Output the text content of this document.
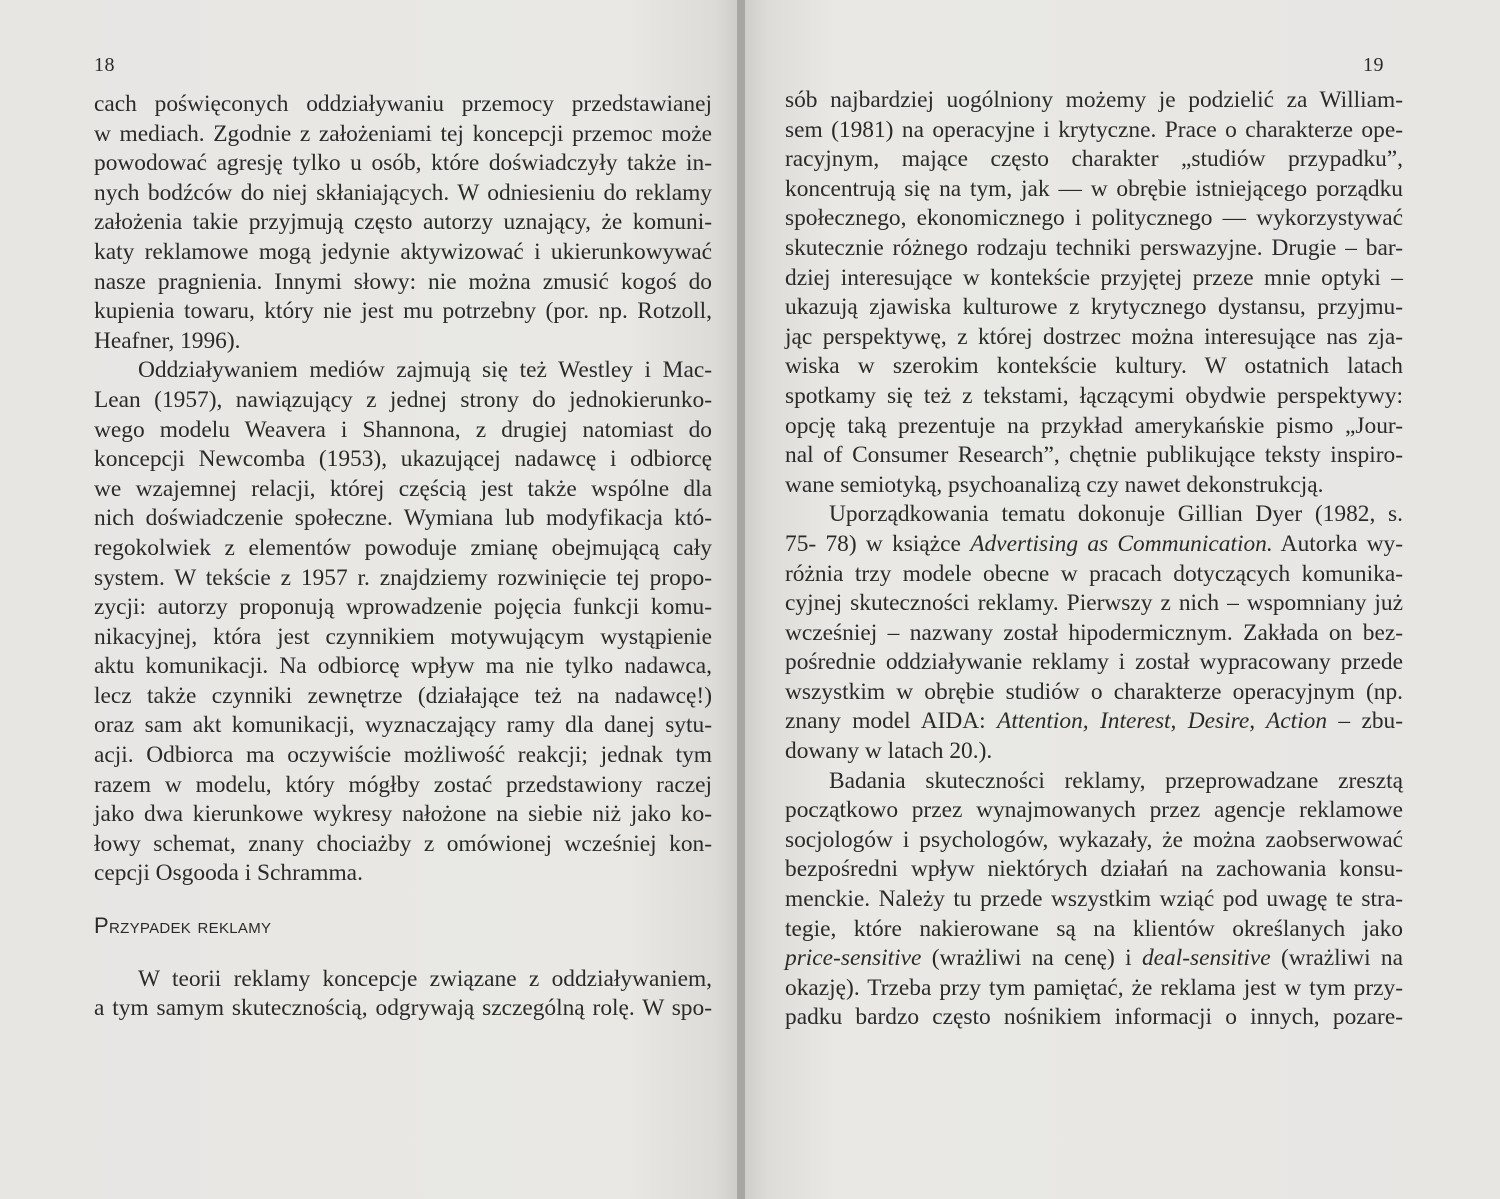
18
cach poświęconych oddziaływaniu przemocy przedstawianej
w mediach. Zgodnie z założeniami tej koncepcji przemoc może
powodować agresję tylko u osób, które doświadczyły także in-
nych bodźców do niej skłaniających. W odniesieniu do reklamy
założenia takie przyjmują często autorzy uznający, że komuni-
katy reklamowe mogą jedynie aktywizować i ukierunkowywać
nasze pragnienia. Innymi słowy: nie można zmusić kogoś do
kupienia towaru, który nie jest mu potrzebny (por. np. Rotzoll,
Heafner, 1996).
Oddziaływaniem mediów zajmują się też Westley i Mac-
Lean (1957), nawiązujący z jednej strony do jednokierunko-
wego modelu Weavera i Shannona, z drugiej natomiast do
koncepcji Newcomba (1953), ukazującej nadawcę i odbiorcę
we wzajemnej relacji, której częścią jest także wspólne dla
nich doświadczenie społeczne. Wymiana lub modyfikacja któ-
regokolwiek z elementów powoduje zmianę obejmującą cały
system. W tekście z 1957 r. znajdziemy rozwinięcie tej propo-
zycji: autorzy proponują wprowadzenie pojęcia funkcji komu-
nikacyjnej, która jest czynnikiem motywującym wystąpienie
aktu komunikacji. Na odbiorcę wpływ ma nie tylko nadawca,
lecz także czynniki zewnętrze (działające też na nadawcę!)
oraz sam akt komunikacji, wyznaczający ramy dla danej sytu-
acji. Odbiorca ma oczywiście możliwość reakcji; jednak tym
razem w modelu, który mógłby zostać przedstawiony raczej
jako dwa kierunkowe wykresy nałożone na siebie niż jako ko-
łowy schemat, znany chociażby z omówionej wcześniej kon-
cepcji Osgooda i Schramma.
Przypadek reklamy
W teorii reklamy koncepcje związane z oddziaływaniem,
a tym samym skutecznością, odgrywają szczególną rolę. W spo-
19
sób najbardziej uogólniony możemy je podzielić za William-
sem (1981) na operacyjne i krytyczne. Prace o charakterze ope-
racyjnym, mające często charakter „studiów przypadku”,
koncentrują się na tym, jak — w obrębie istniejącego porządku
społecznego, ekonomicznego i politycznego — wykorzystywać
skutecznie różnego rodzaju techniki perswazyjne. Drugie – bar-
dziej interesujące w kontekście przyjętej przeze mnie optyki –
ukazują zjawiska kulturowe z krytycznego dystansu, przyjmu-
jąc perspektywę, z której dostrzec można interesujące nas zja-
wiska w szerokim kontekście kultury. W ostatnich latach
spotkamy się też z tekstami, łączącymi obydwie perspektywy:
opcję taką prezentuje na przykład amerykańskie pismo „Jour-
nal of Consumer Research”, chętnie publikujące teksty inspiro-
wane semiotyką, psychoanalizą czy nawet dekonstrukcją.
Uporządkowania tematu dokonuje Gillian Dyer (1982, s.
75- 78) w książce Advertising as Communication. Autorka wy-
różnia trzy modele obecne w pracach dotyczących komunika-
cyjnej skuteczności reklamy. Pierwszy z nich – wspomniany już
wcześniej – nazwany został hipodermicznym. Zakłada on bez-
pośrednie oddziaływanie reklamy i został wypracowany przede
wszystkim w obrębie studiów o charakterze operacyjnym (np.
znany model AIDA: Attention, Interest, Desire, Action – zbu-
dowany w latach 20.).
Badania skuteczności reklamy, przeprowadzane zresztą
początkowo przez wynajmowanych przez agencje reklamowe
socjologów i psychologów, wykazały, że można zaobserwować
bezpośredni wpływ niektórych działań na zachowania konsu-
menckie. Należy tu przede wszystkim wziąć pod uwagę te stra-
tegie, które nakierowane są na klientów określanych jako
price-sensitive (wrażliwi na cenę) i deal-sensitive (wrażliwi na
okazję). Trzeba przy tym pamiętać, że reklama jest w tym przy-
padku bardzo często nośnikiem informacji o innych, pozare-
